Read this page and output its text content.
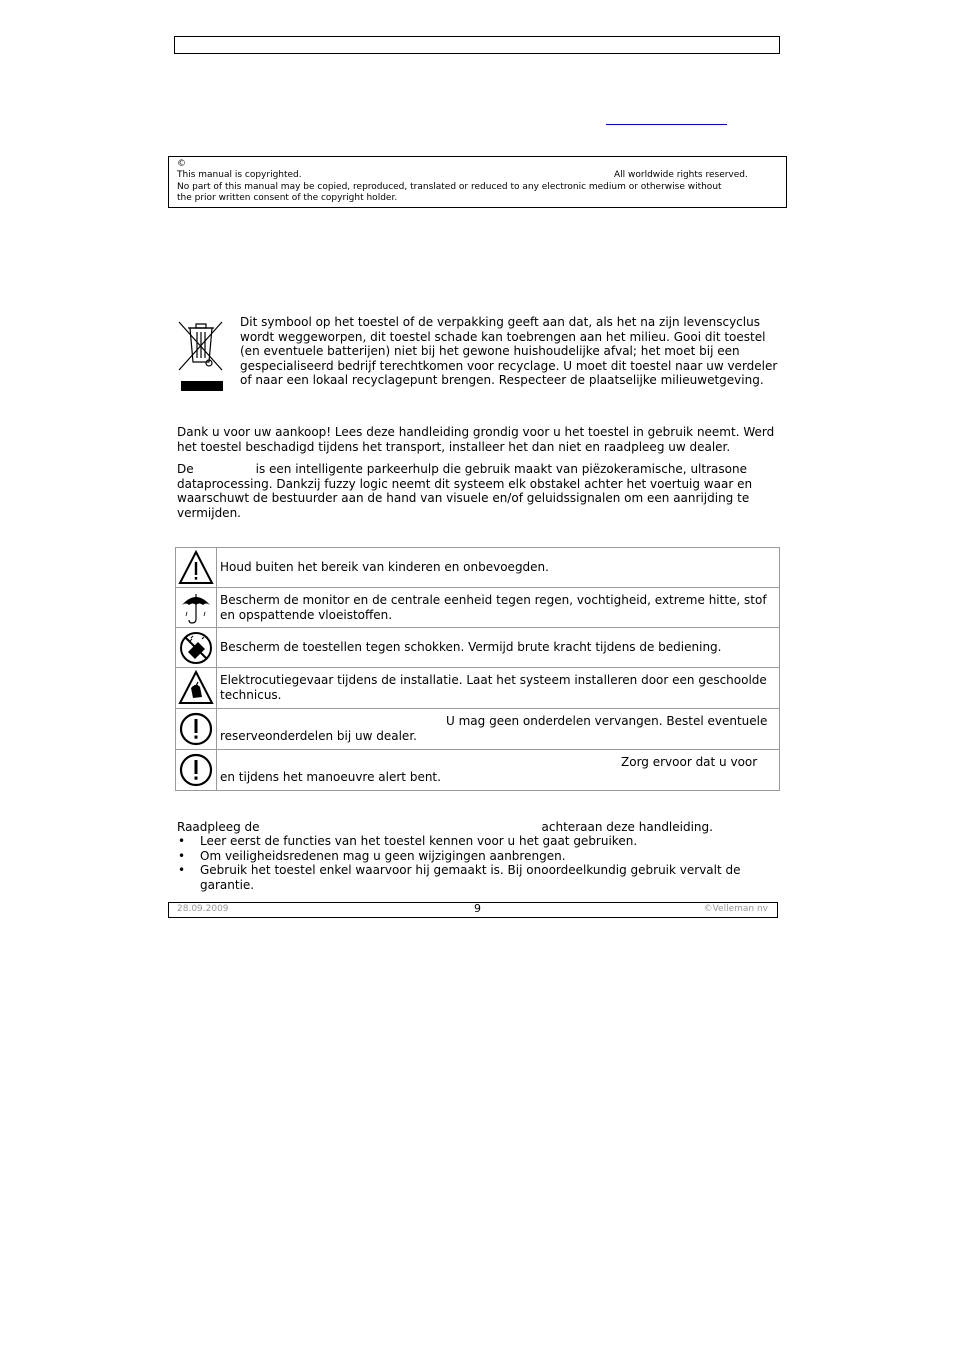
©
This manual is copyrighted.	All worldwide rights reserved.
No part of this manual may be copied, reproduced, translated or reduced to any electronic medium or otherwise without
the prior written consent of the copyright holder.
Dit symbool op het toestel of de verpakking geeft aan dat, als het na zijn levenscyclus wordt weggeworpen, dit toestel schade kan toebrengen aan het milieu. Gooi dit toestel (en eventuele batterijen) niet bij het gewone huishoudelijke afval; het moet bij een gespecialiseerd bedrijf terechtkomen voor recyclage. U moet dit toestel naar uw verdeler of naar een lokaal recyclagepunt brengen. Respecteer de plaatselijke milieuwetgeving.
Dank u voor uw aankoop! Lees deze handleiding grondig voor u het toestel in gebruik neemt. Werd het toestel beschadigd tijdens het transport, installeer het dan niet en raadpleeg uw dealer.
De	is een intelligente parkeerhulp die gebruik maakt van piëzokeramische, ultrasone dataprocessing. Dankzij fuzzy logic neemt dit systeem elk obstakel achter het voertuig waar en waarschuwt de bestuurder aan de hand van visuele en/of geluidssignalen om een aanrijding te vermijden.
	Houd buiten het bereik van kinderen en onbevoegden.

	Bescherm de monitor en de centrale eenheid tegen regen, vochtigheid, extreme hitte, stof en opspattende vloeistoffen.

	Bescherm de toestellen tegen schokken. Vermijd brute kracht tijdens de bediening.

	Elektrocutiegevaar tijdens de installatie. Laat het systeem installeren door een geschoolde technicus.

	U mag geen onderdelen vervangen. Bestel eventuele
reserveonderdelen bij uw dealer.

	Zorg ervoor dat u voor
en tijdens het manoeuvre alert bent.
Raadpleeg de	achteraan deze handleiding.
• Leer eerst de functies van het toestel kennen voor u het gaat gebruiken.
• Om veiligheidsredenen mag u geen wijzigingen aanbrengen.
• Gebruik het toestel enkel waarvoor hij gemaakt is. Bij onoordeelkundig gebruik vervalt de garantie.
28.09.2009	9	©Velleman nv
